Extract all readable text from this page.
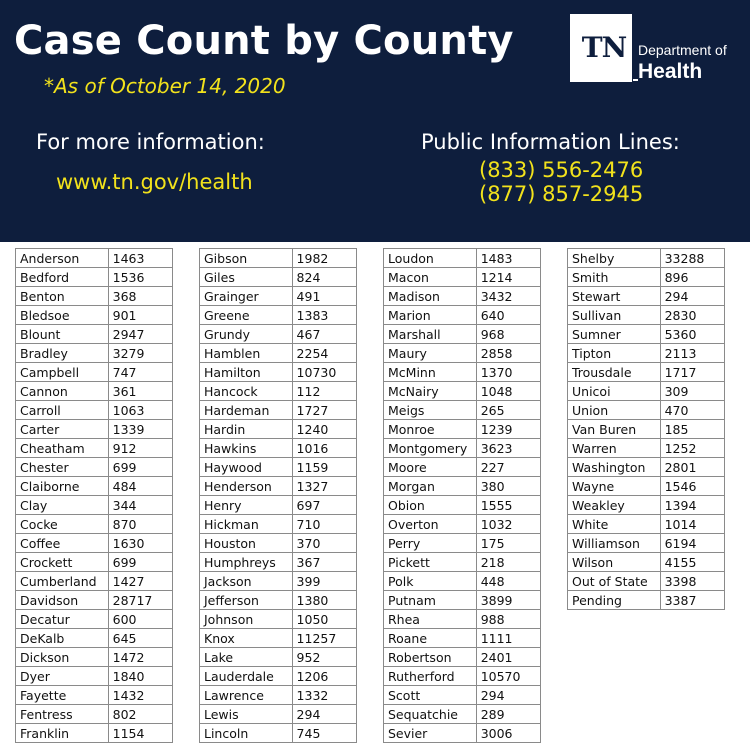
Case Count by County
*As of October 14, 2020
For more information:
www.tn.gov/health
Public Information Lines:
(833) 556-2476
(877) 857-2945
TN Department of
Health
Anderson	1463
Bedford	1536
Benton	368
Bledsoe	901
Blount	2947
Bradley	3279
Campbell	747
Cannon	361
Carroll	1063
Carter	1339
Cheatham	912
Chester	699
Claiborne	484
Clay	344
Cocke	870
Coffee	1630
Crockett	699
Cumberland	1427
Davidson	28717
Decatur	600
DeKalb	645
Dickson	1472
Dyer	1840
Fayette	1432
Fentress	802
Franklin	1154
Gibson	1982
Giles	824
Grainger	491
Greene	1383
Grundy	467
Hamblen	2254
Hamilton	10730
Hancock	112
Hardeman	1727
Hardin	1240
Hawkins	1016
Haywood	1159
Henderson	1327
Henry	697
Hickman	710
Houston	370
Humphreys	367
Jackson	399
Jefferson	1380
Johnson	1050
Knox	11257
Lake	952
Lauderdale	1206
Lawrence	1332
Lewis	294
Lincoln	745
Loudon	1483
Macon	1214
Madison	3432
Marion	640
Marshall	968
Maury	2858
McMinn	1370
McNairy	1048
Meigs	265
Monroe	1239
Montgomery	3623
Moore	227
Morgan	380
Obion	1555
Overton	1032
Perry	175
Pickett	218
Polk	448
Putnam	3899
Rhea	988
Roane	1111
Robertson	2401
Rutherford	10570
Scott	294
Sequatchie	289
Sevier	3006
Shelby	33288
Smith	896
Stewart	294
Sullivan	2830
Sumner	5360
Tipton	2113
Trousdale	1717
Unicoi	309
Union	470
Van Buren	185
Warren	1252
Washington	2801
Wayne	1546
Weakley	1394
White	1014
Williamson	6194
Wilson	4155
Out of State	3398
Pending	3387
